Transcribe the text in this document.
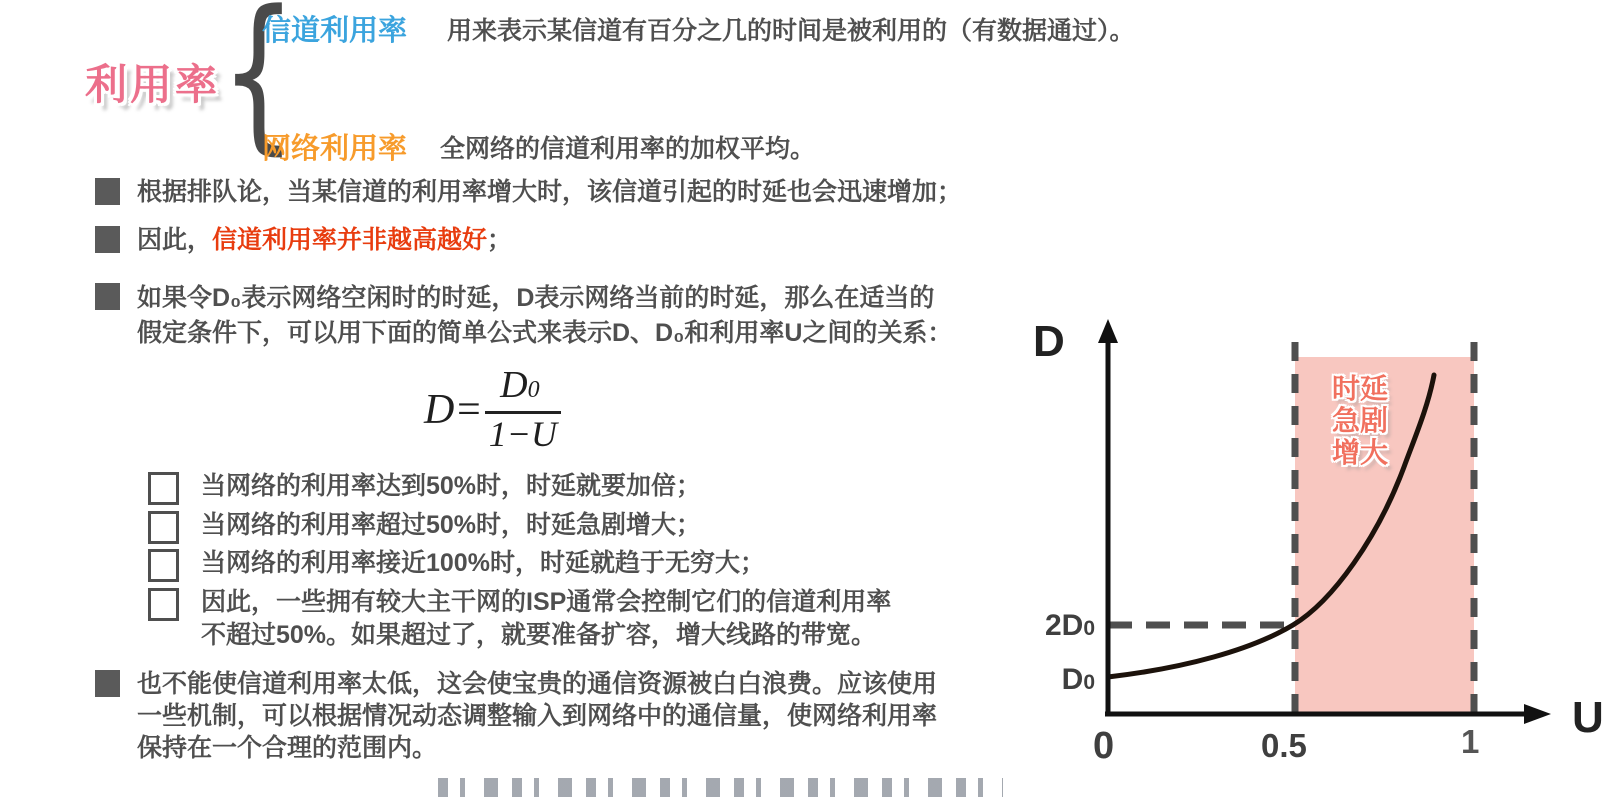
利用率 {
信道利用率 用来表示某信道有百分之几的时间是被利用的（有数据通过）。
网络利用率 全网络的信道利用率的加权平均。
根据排队论，当某信道的利用率增大时，该信道引起的时延也会迅速增加；
因此，信道利用率并非越高越好；
如果令D₀表示网络空闲时的时延，D表示网络当前的时延，那么在适当的
假定条件下，可以用下面的简单公式来表示D、D₀和利用率U之间的关系：
$D= \frac{D0}{1-U}$
当网络的利用率达到50%时，时延就要加倍；
当网络的利用率超过50%时，时延急剧增大；
当网络的利用率接近100%时，时延就趋于无穷大；
因此，一些拥有较大主干网的ISP通常会控制它们的信道利用率
不超过50%。如果超过了，就要准备扩容，增大线路的带宽。
也不能使信道利用率太低，这会使宝贵的通信资源被白白浪费。应该使用
一些机制，可以根据情况动态调整输入到网络中的通信量，使网络利用率
保持在一个合理的范围内。
D
U
2D0
D0
0	0.5	1
时延
急剧
增大
